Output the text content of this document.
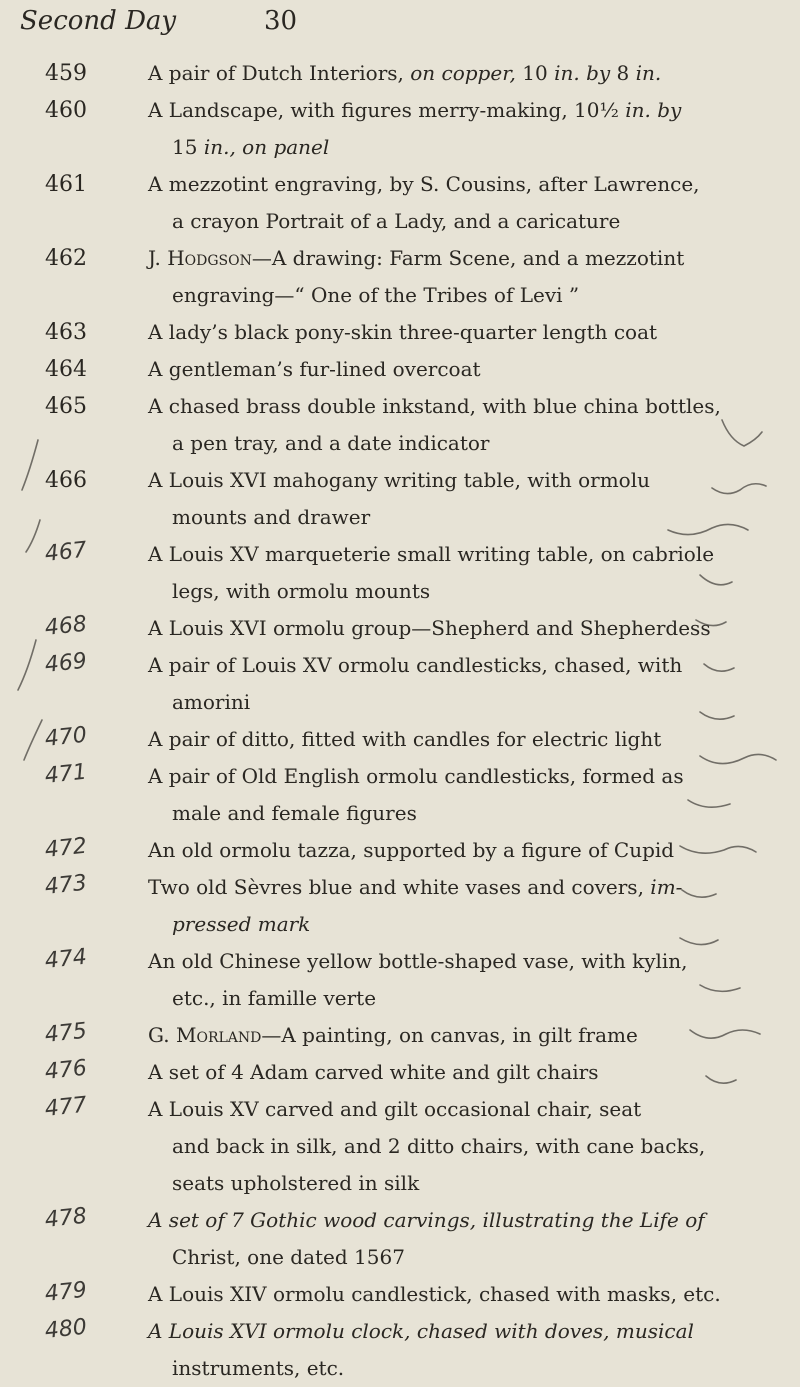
Second Day	30
459	A pair of Dutch Interiors, on copper, 10 in. by 8 in.
460	A Landscape, with figures merry-making, 10½ in. by
15 in., on panel
461	A mezzotint engraving, by S. Cousins, after Lawrence,
a crayon Portrait of a Lady, and a caricature
462	J. Hodgson—A drawing: Farm Scene, and a mezzotint
engraving—“ One of the Tribes of Levi ”
463	A lady’s black pony-skin three-quarter length coat
464	A gentleman’s fur-lined overcoat
465	A chased brass double inkstand, with blue china bottles,
a pen tray, and a date indicator
466	A Louis XVI mahogany writing table, with ormolu
mounts and drawer
467	A Louis XV marqueterie small writing table, on cabriole
legs, with ormolu mounts
468	A Louis XVI ormolu group—Shepherd and Shepherdess
469	A pair of Louis XV ormolu candlesticks, chased, with
amorini
470	A pair of ditto, fitted with candles for electric light
471	A pair of Old English ormolu candlesticks, formed as
male and female figures
472	An old ormolu tazza, supported by a figure of Cupid
473	Two old Sèvres blue and white vases and covers, im-
pressed mark
474	An old Chinese yellow bottle-shaped vase, with kylin,
etc., in famille verte
475	G. Morland—A painting, on canvas, in gilt frame
476	A set of 4 Adam carved white and gilt chairs
477	A Louis XV carved and gilt occasional chair, seat
and back in silk, and 2 ditto chairs, with cane backs,
seats upholstered in silk
478	A set of 7 Gothic wood carvings, illustrating the Life of
Christ, one dated 1567
479	A Louis XIV ormolu candlestick, chased with masks, etc.
480	A Louis XVI ormolu clock, chased with doves, musical
instruments, etc.
